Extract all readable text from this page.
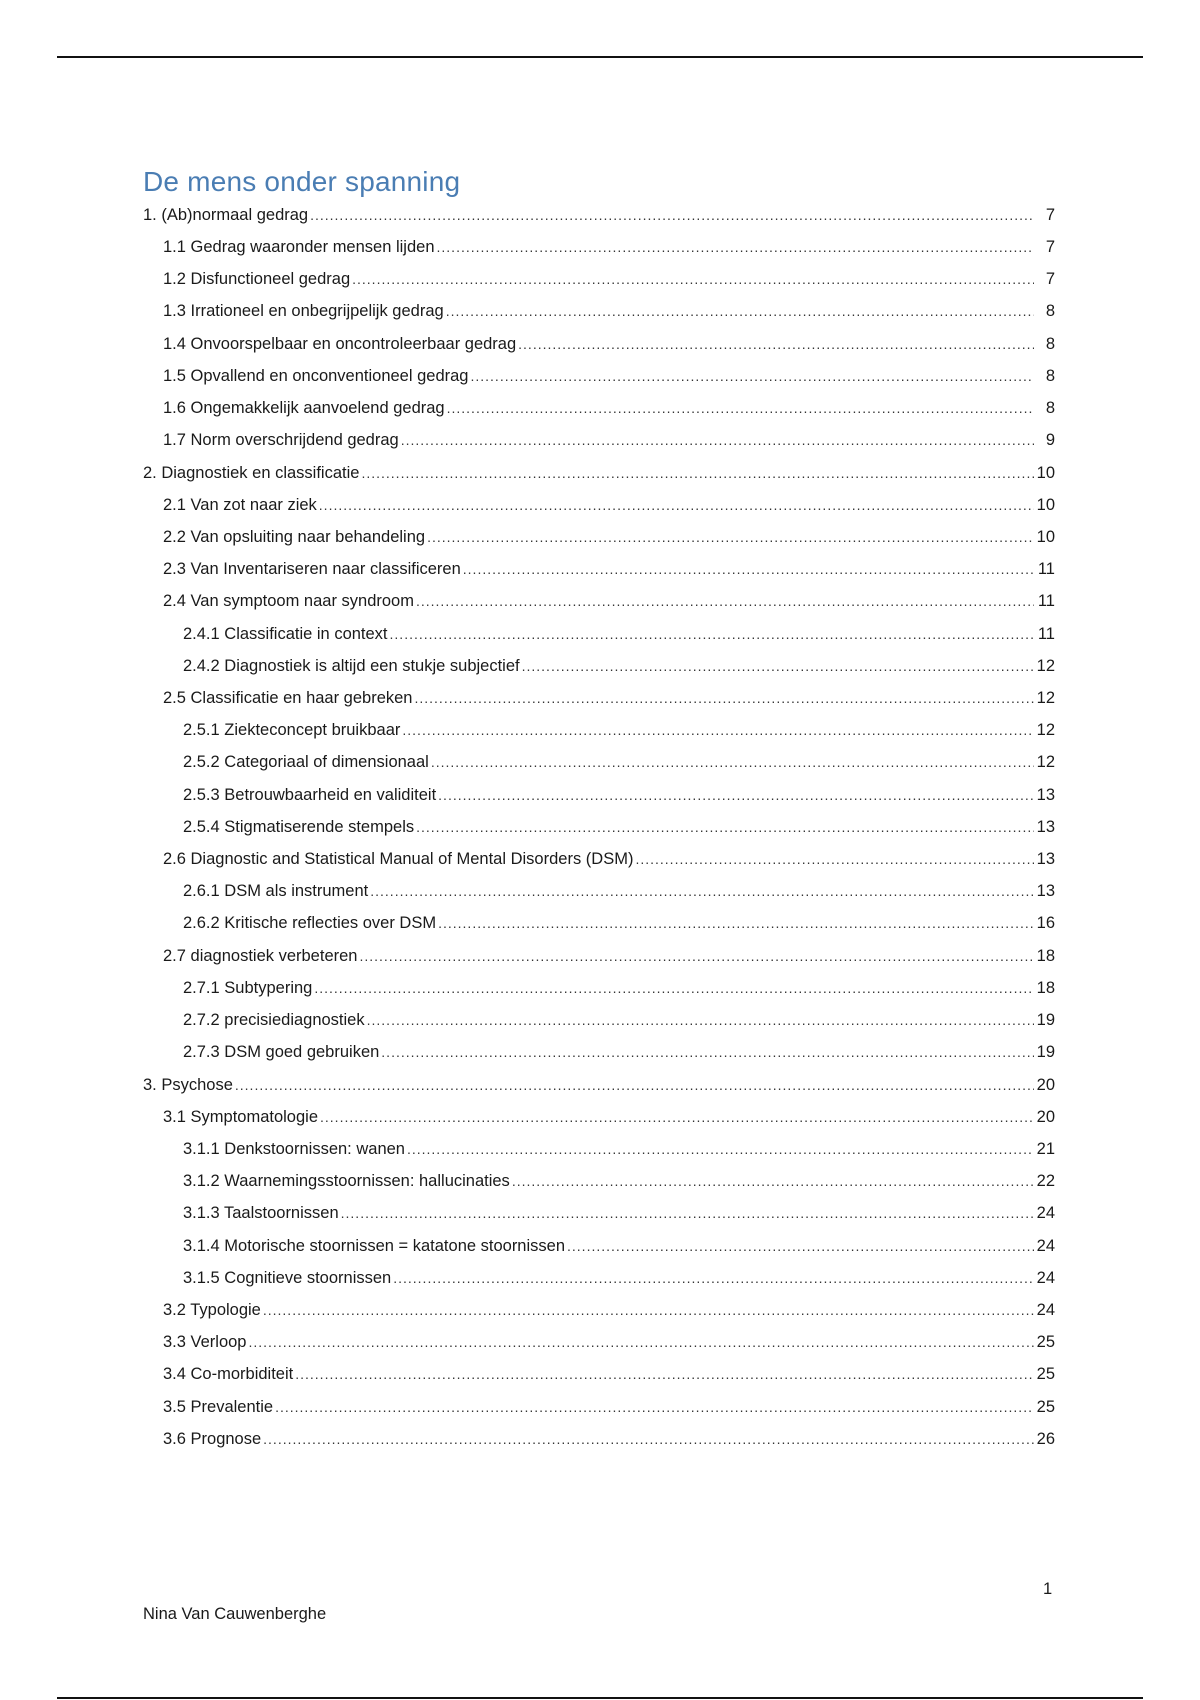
De mens onder spanning
1. (Ab)normaal gedrag .....	7
1.1 Gedrag waaronder mensen lijden .....	7
1.2 Disfunctioneel gedrag .....	7
1.3 Irrationeel en onbegrijpelijk gedrag .....	8
1.4 Onvoorspelbaar en oncontroleerbaar gedrag .....	8
1.5 Opvallend en onconventioneel gedrag .....	8
1.6 Ongemakkelijk aanvoelend gedrag .....	8
1.7 Norm overschrijdend gedrag .....	9
2. Diagnostiek en classificatie .....	10
2.1 Van zot naar ziek .....	10
2.2 Van opsluiting naar behandeling .....	10
2.3 Van Inventariseren naar classificeren .....	11
2.4 Van symptoom naar syndroom .....	11
2.4.1 Classificatie in context .....	11
2.4.2 Diagnostiek is altijd een stukje subjectief .....	12
2.5 Classificatie en haar gebreken .....	12
2.5.1 Ziekteconcept bruikbaar .....	12
2.5.2 Categoriaal of dimensionaal .....	12
2.5.3 Betrouwbaarheid en validiteit .....	13
2.5.4 Stigmatiserende stempels .....	13
2.6 Diagnostic and Statistical Manual of Mental Disorders (DSM) .....	13
2.6.1 DSM als instrument .....	13
2.6.2 Kritische reflecties over DSM .....	16
2.7 diagnostiek verbeteren .....	18
2.7.1 Subtypering .....	18
2.7.2 precisiediagnostiek .....	19
2.7.3 DSM goed gebruiken .....	19
3. Psychose .....	20
3.1 Symptomatologie .....	20
3.1.1 Denkstoornissen: wanen .....	21
3.1.2 Waarnemingsstoornissen: hallucinaties .....	22
3.1.3 Taalstoornissen .....	24
3.1.4 Motorische stoornissen = katatone stoornissen .....	24
3.1.5 Cognitieve stoornissen .....	24
3.2 Typologie .....	24
3.3 Verloop .....	25
3.4 Co-morbiditeit .....	25
3.5 Prevalentie .....	25
3.6 Prognose .....	26
1
Nina Van Cauwenberghe
